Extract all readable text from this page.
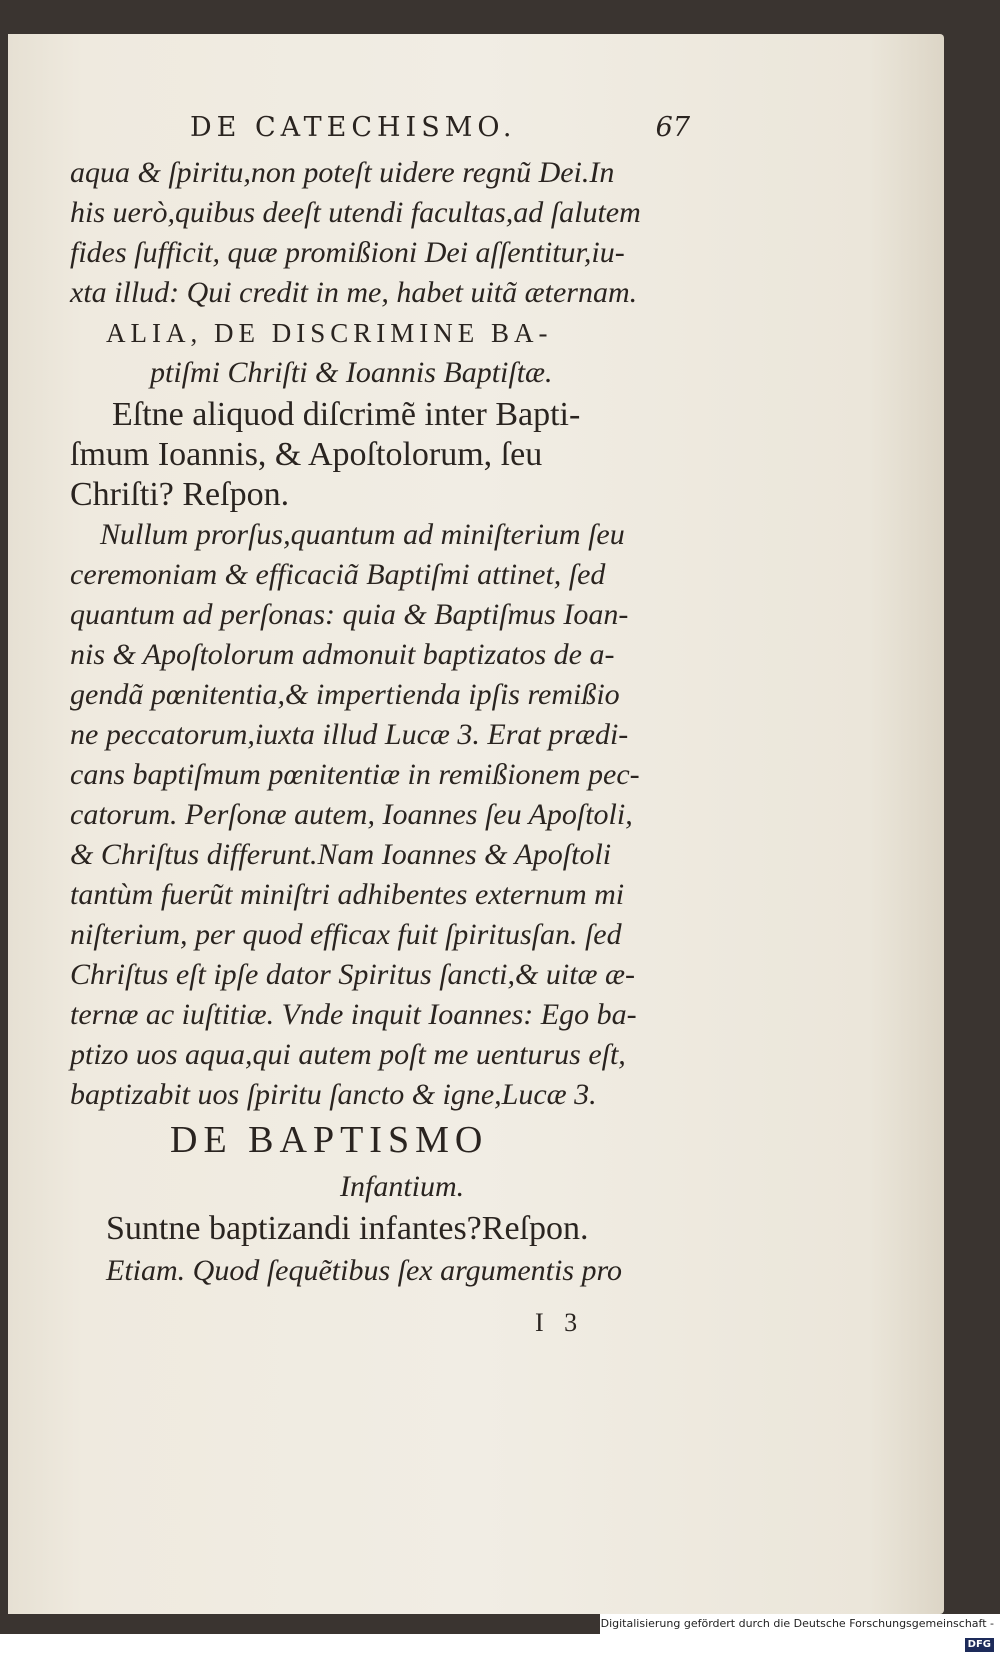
DE CATECHISMO.	67
aqua & ſpiritu,non poteſt uidere regnũ Dei.In
his uerò,quibus deeſt utendi facultas,ad ſalutem
fides ſufficit, quæ promißioni Dei aſſentitur,iu-
xta illud: Qui credit in me, habet uitã æternam.
ALIA, DE DISCRIMINE BA-
ptiſmi Chriſti & Ioannis Baptiſtæ.
Eſtne aliquod diſcrimẽ inter Bapti-
ſmum Ioannis, & Apoſtolorum, ſeu
Chriſti? Reſpon.
Nullum prorſus,quantum ad miniſterium ſeu
ceremoniam & efficaciã Baptiſmi attinet, ſed
quantum ad perſonas: quia & Baptiſmus Ioan-
nis & Apoſtolorum admonuit baptizatos de a-
gendã pœnitentia,& impertienda ipſis remißio
ne peccatorum,iuxta illud Lucæ 3. Erat prædi-
cans baptiſmum pœnitentiæ in remißionem pec-
catorum. Perſonæ autem, Ioannes ſeu Apoſtoli,
& Chriſtus differunt.Nam Ioannes & Apoſtoli
tantùm fuerũt miniſtri adhibentes externum mi
niſterium, per quod efficax fuit ſpiritusſan. ſed
Chriſtus eſt ipſe dator Spiritus ſancti,& uitæ æ-
ternæ ac iuſtitiæ. Vnde inquit Ioannes: Ego ba-
ptizo uos aqua,qui autem poſt me uenturus eſt,
baptizabit uos ſpiritu ſancto & igne,Lucæ 3.
DE BAPTISMO
Infantium.
Suntne baptizandi infantes?Reſpon.
Etiam. Quod ſequẽtibus ſex argumentis pro
I 3
Digitalisierung gefördert durch die Deutsche Forschungsgemeinschaft -DFG
